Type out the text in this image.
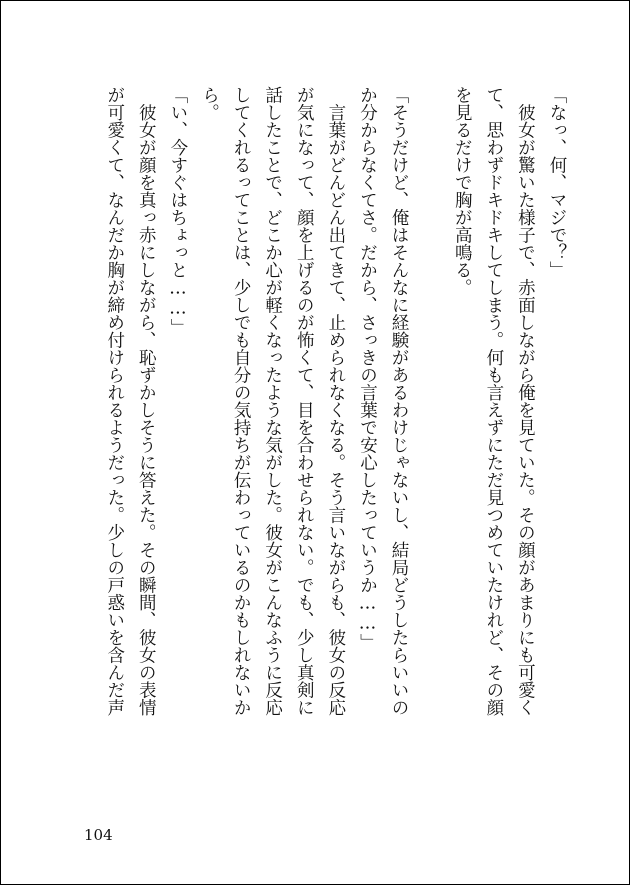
「なっ、何、マジで？」
　彼女が驚いた様子で、赤面しながら俺を見ていた。その顔があまりにも可愛く
て、思わずドキドキしてしまう。何も言えずにただ見つめていたけれど、その顔
を見るだけで胸が高鳴る。
「そうだけど、俺はそんなに経験があるわけじゃないし、結局どうしたらいいの
か分からなくてさ。だから、さっきの言葉で安心したっていうか……」
　言葉がどんどん出てきて、止められなくなる。そう言いながらも、彼女の反応
が気になって、顔を上げるのが怖くて、目を合わせられない。でも、少し真剣に
話したことで、どこか心が軽くなったような気がした。彼女がこんなふうに反応
してくれるってことは、少しでも自分の気持ちが伝わっているのかもしれないか
ら。
「い、今すぐはちょっと……」
　彼女が顔を真っ赤にしながら、恥ずかしそうに答えた。その瞬間、彼女の表情
が可愛くて、なんだか胸が締め付けられるようだった。少しの戸惑いを含んだ声
104
